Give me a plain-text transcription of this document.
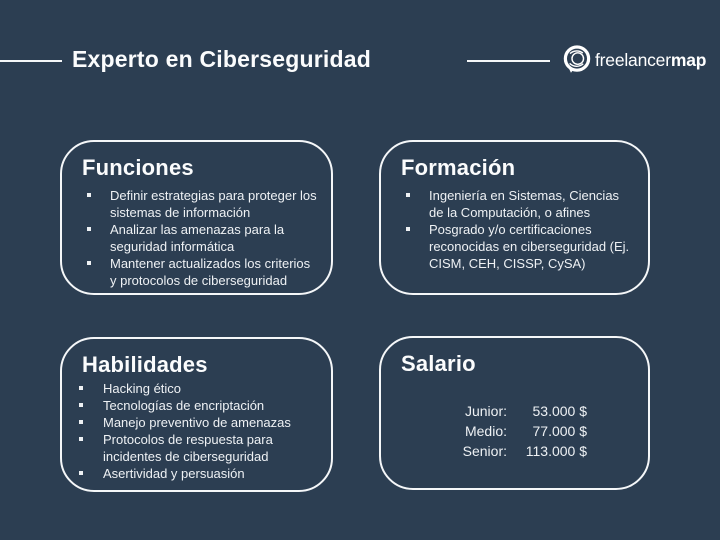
Experto en Ciberseguridad	freelancermap
Funciones
Definir estrategias para proteger los sistemas de información
Analizar las amenazas para la seguridad informática
Mantener actualizados los criterios y protocolos de ciberseguridad
Formación
Ingeniería en Sistemas, Ciencias de la Computación, o afines
Posgrado y/o certificaciones reconocidas en ciberseguridad (Ej. CISM, CEH, CISSP, CySA)
Habilidades
Hacking ético
Tecnologías de encriptación
Manejo preventivo de amenazas
Protocolos de respuesta para incidentes de ciberseguridad
Asertividad y persuasión
Salario
Junior:	53.000 $
Medio:	77.000 $
Senior:	113.000 $
